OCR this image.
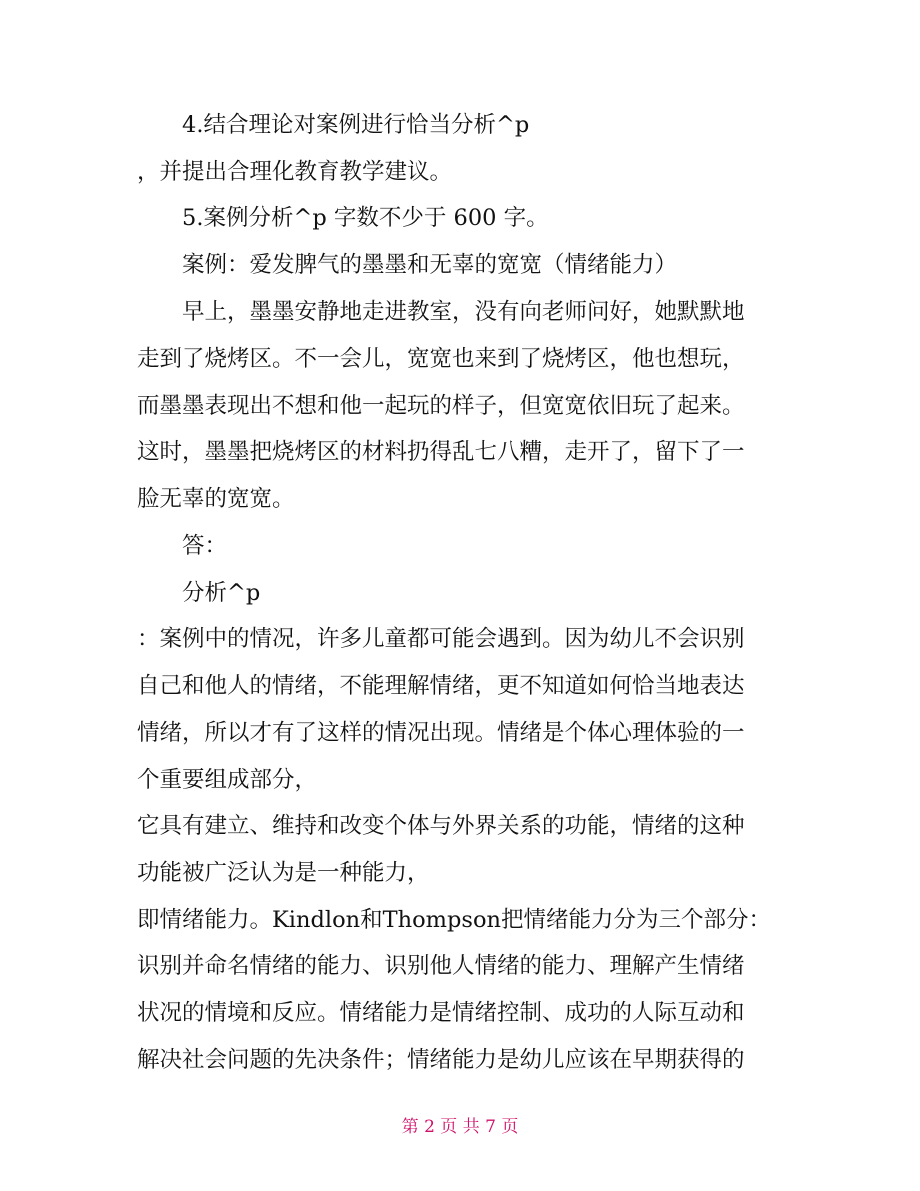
4.结合理论对案例进行恰当分析^p
，并提出合理化教育教学建议。
5.案例分析^p 字数不少于 600 字。
案例：爱发脾气的墨墨和无辜的宽宽（情绪能力）
早上，墨墨安静地走进教室，没有向老师问好，她默默地
走到了烧烤区。不一会儿，宽宽也来到了烧烤区，他也想玩，
而墨墨表现出不想和他一起玩的样子，但宽宽依旧玩了起来。
这时，墨墨把烧烤区的材料扔得乱七八糟，走开了，留下了一
脸无辜的宽宽。
答：
分析^p
：案例中的情况，许多儿童都可能会遇到。因为幼儿不会识别
自己和他人的情绪，不能理解情绪，更不知道如何恰当地表达
情绪，所以才有了这样的情况出现。情绪是个体心理体验的一
个重要组成部分，
它具有建立、维持和改变个体与外界关系的功能，情绪的这种
功能被广泛认为是一种能力，
即情绪能力。Kindlon和Thompson把情绪能力分为三个部分：
识别并命名情绪的能力、识别他人情绪的能力、理解产生情绪
状况的情境和反应。情绪能力是情绪控制、成功的人际互动和
解决社会问题的先决条件；情绪能力是幼儿应该在早期获得的
第 2 页 共 7 页
